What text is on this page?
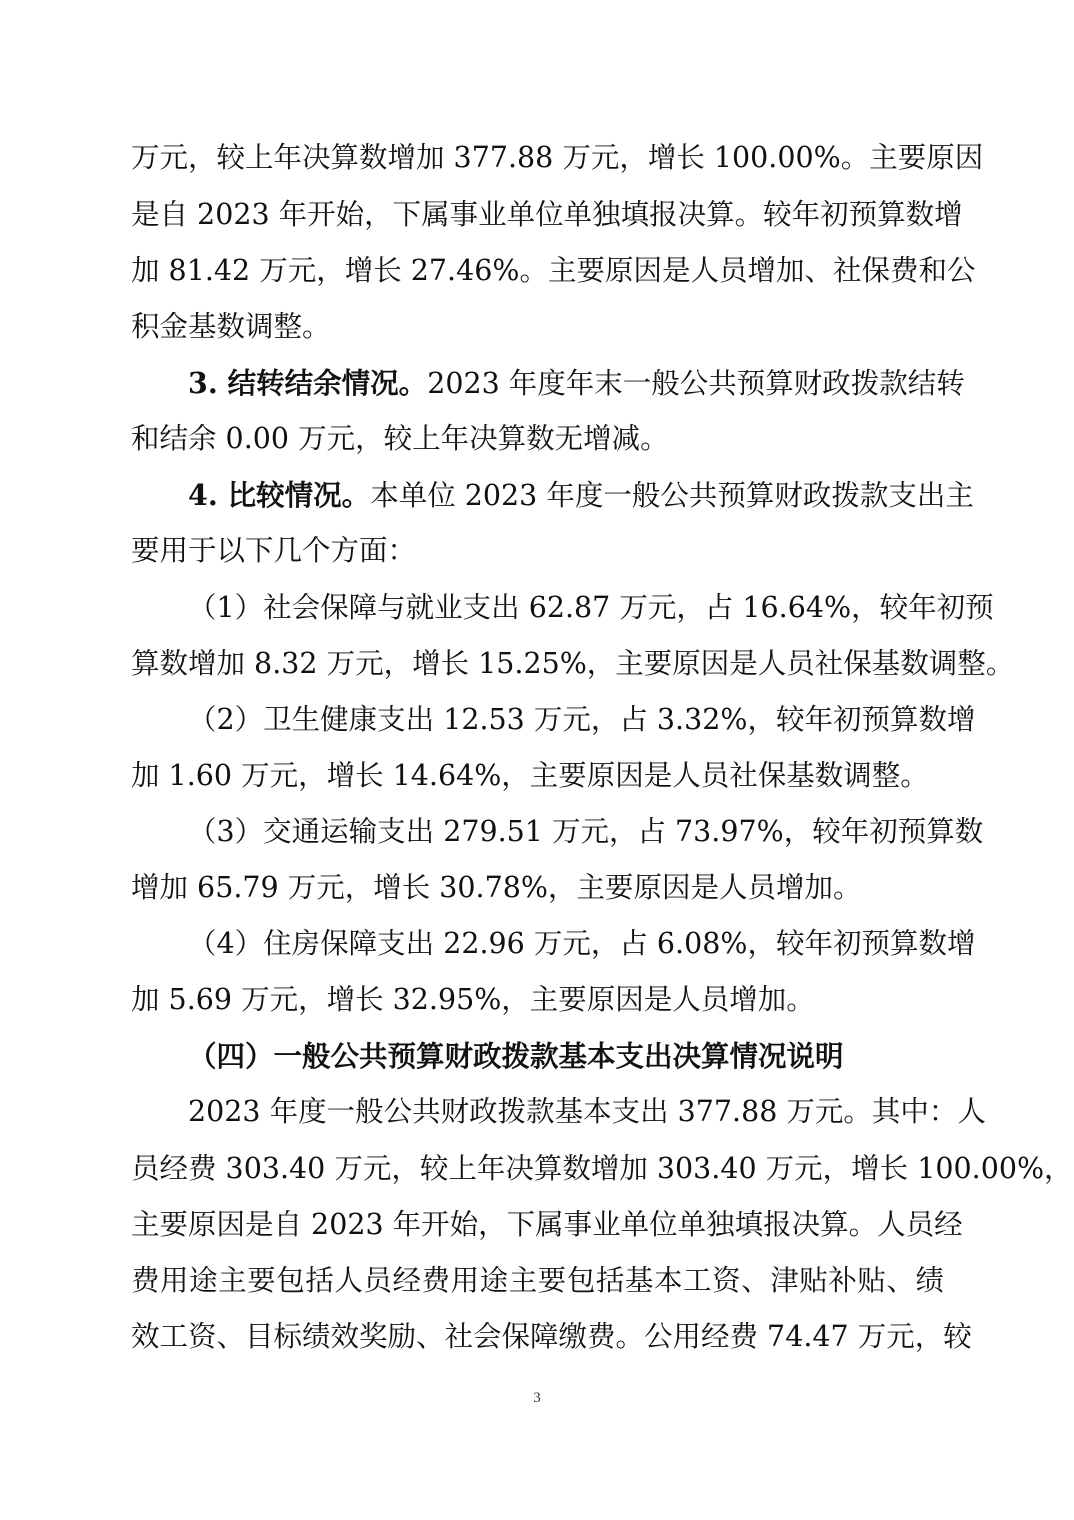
万元，较上年决算数增加 377.88 万元，增长 100.00%。主要原因

是自 2023 年开始，下属事业单位单独填报决算。较年初预算数增

加 81.42 万元，增长 27.46%。主要原因是人员增加、社保费和公

积金基数调整。

3. 结转结余情况。2023 年度年末一般公共预算财政拨款结转

和结余 0.00 万元，较上年决算数无增减。

4. 比较情况。本单位 2023 年度一般公共预算财政拨款支出主

要用于以下几个方面：

（1）社会保障与就业支出 62.87 万元，占 16.64%，较年初预

算数增加 8.32 万元，增长 15.25%，主要原因是人员社保基数调整。

（2）卫生健康支出 12.53 万元，占 3.32%，较年初预算数增

加 1.60 万元，增长 14.64%，主要原因是人员社保基数调整。

（3）交通运输支出 279.51 万元，占 73.97%，较年初预算数

增加 65.79 万元，增长 30.78%，主要原因是人员增加。

（4）住房保障支出 22.96 万元，占 6.08%，较年初预算数增

加 5.69 万元，增长 32.95%，主要原因是人员增加。

（四）一般公共预算财政拨款基本支出决算情况说明

2023 年度一般公共财政拨款基本支出 377.88 万元。其中：人

员经费 303.40 万元，较上年决算数增加 303.40 万元，增长 100.00%，

主要原因是自 2023 年开始，下属事业单位单独填报决算。人员经

费用途主要包括人员经费用途主要包括基本工资、津贴补贴、绩

效工资、目标绩效奖励、社会保障缴费。公用经费 74.47 万元，较

3
